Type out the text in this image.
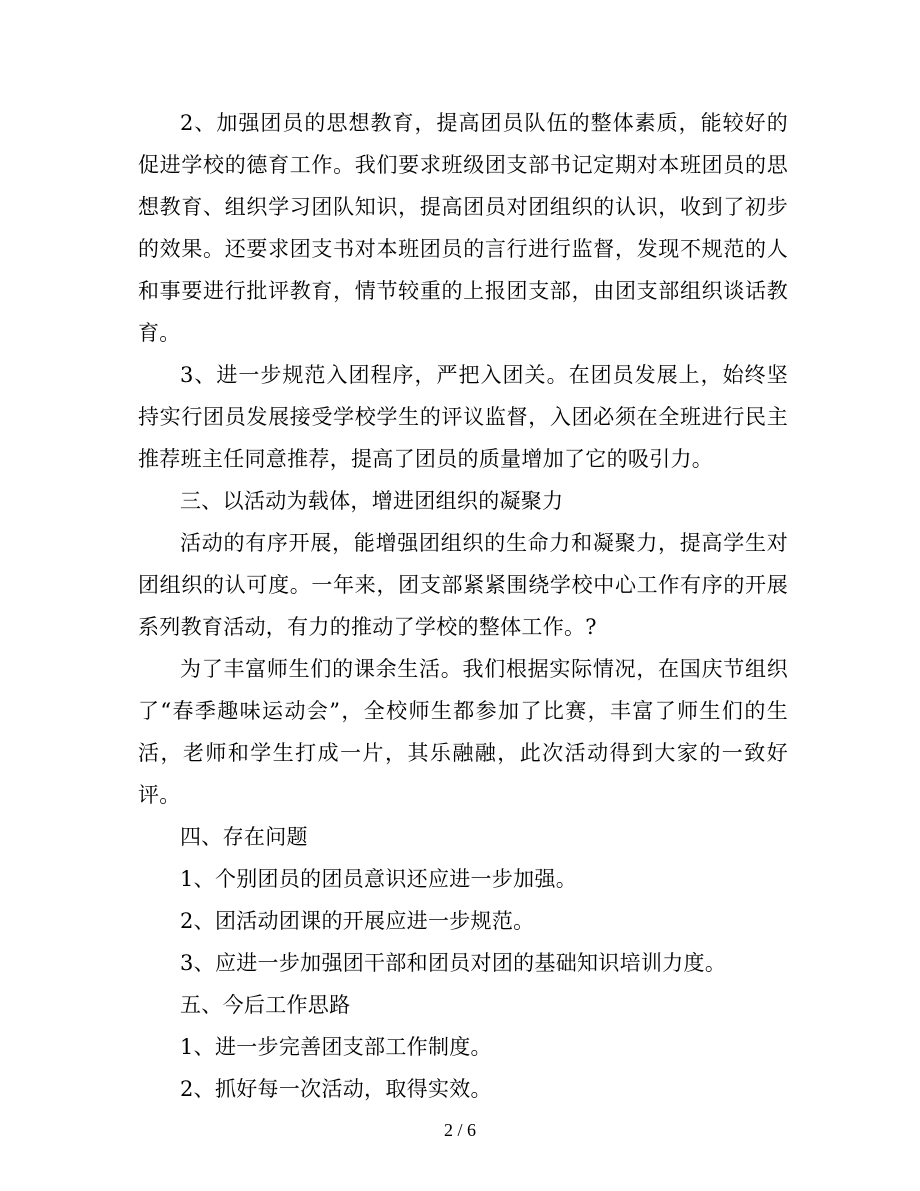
2、加强团员的思想教育，提高团员队伍的整体素质，能较好的促进学校的德育工作。我们要求班级团支部书记定期对本班团员的思想教育、组织学习团队知识，提高团员对团组织的认识，收到了初步的效果。还要求团支书对本班团员的言行进行监督，发现不规范的人和事要进行批评教育，情节较重的上报团支部，由团支部组织谈话教育。

3、进一步规范入团程序，严把入团关。在团员发展上，始终坚持实行团员发展接受学校学生的评议监督，入团必须在全班进行民主推荐班主任同意推荐，提高了团员的质量增加了它的吸引力。

三、以活动为载体，增进团组织的凝聚力

活动的有序开展，能增强团组织的生命力和凝聚力，提高学生对团组织的认可度。一年来，团支部紧紧围绕学校中心工作有序的开展系列教育活动，有力的推动了学校的整体工作。?

为了丰富师生们的课余生活。我们根据实际情况，在国庆节组织了“春季趣味运动会”，全校师生都参加了比赛，丰富了师生们的生活，老师和学生打成一片，其乐融融，此次活动得到大家的一致好评。

四、存在问题

1、个别团员的团员意识还应进一步加强。

2、团活动团课的开展应进一步规范。

3、应进一步加强团干部和团员对团的基础知识培训力度。

五、今后工作思路

1、进一步完善团支部工作制度。

2、抓好每一次活动，取得实效。

2 / 6
